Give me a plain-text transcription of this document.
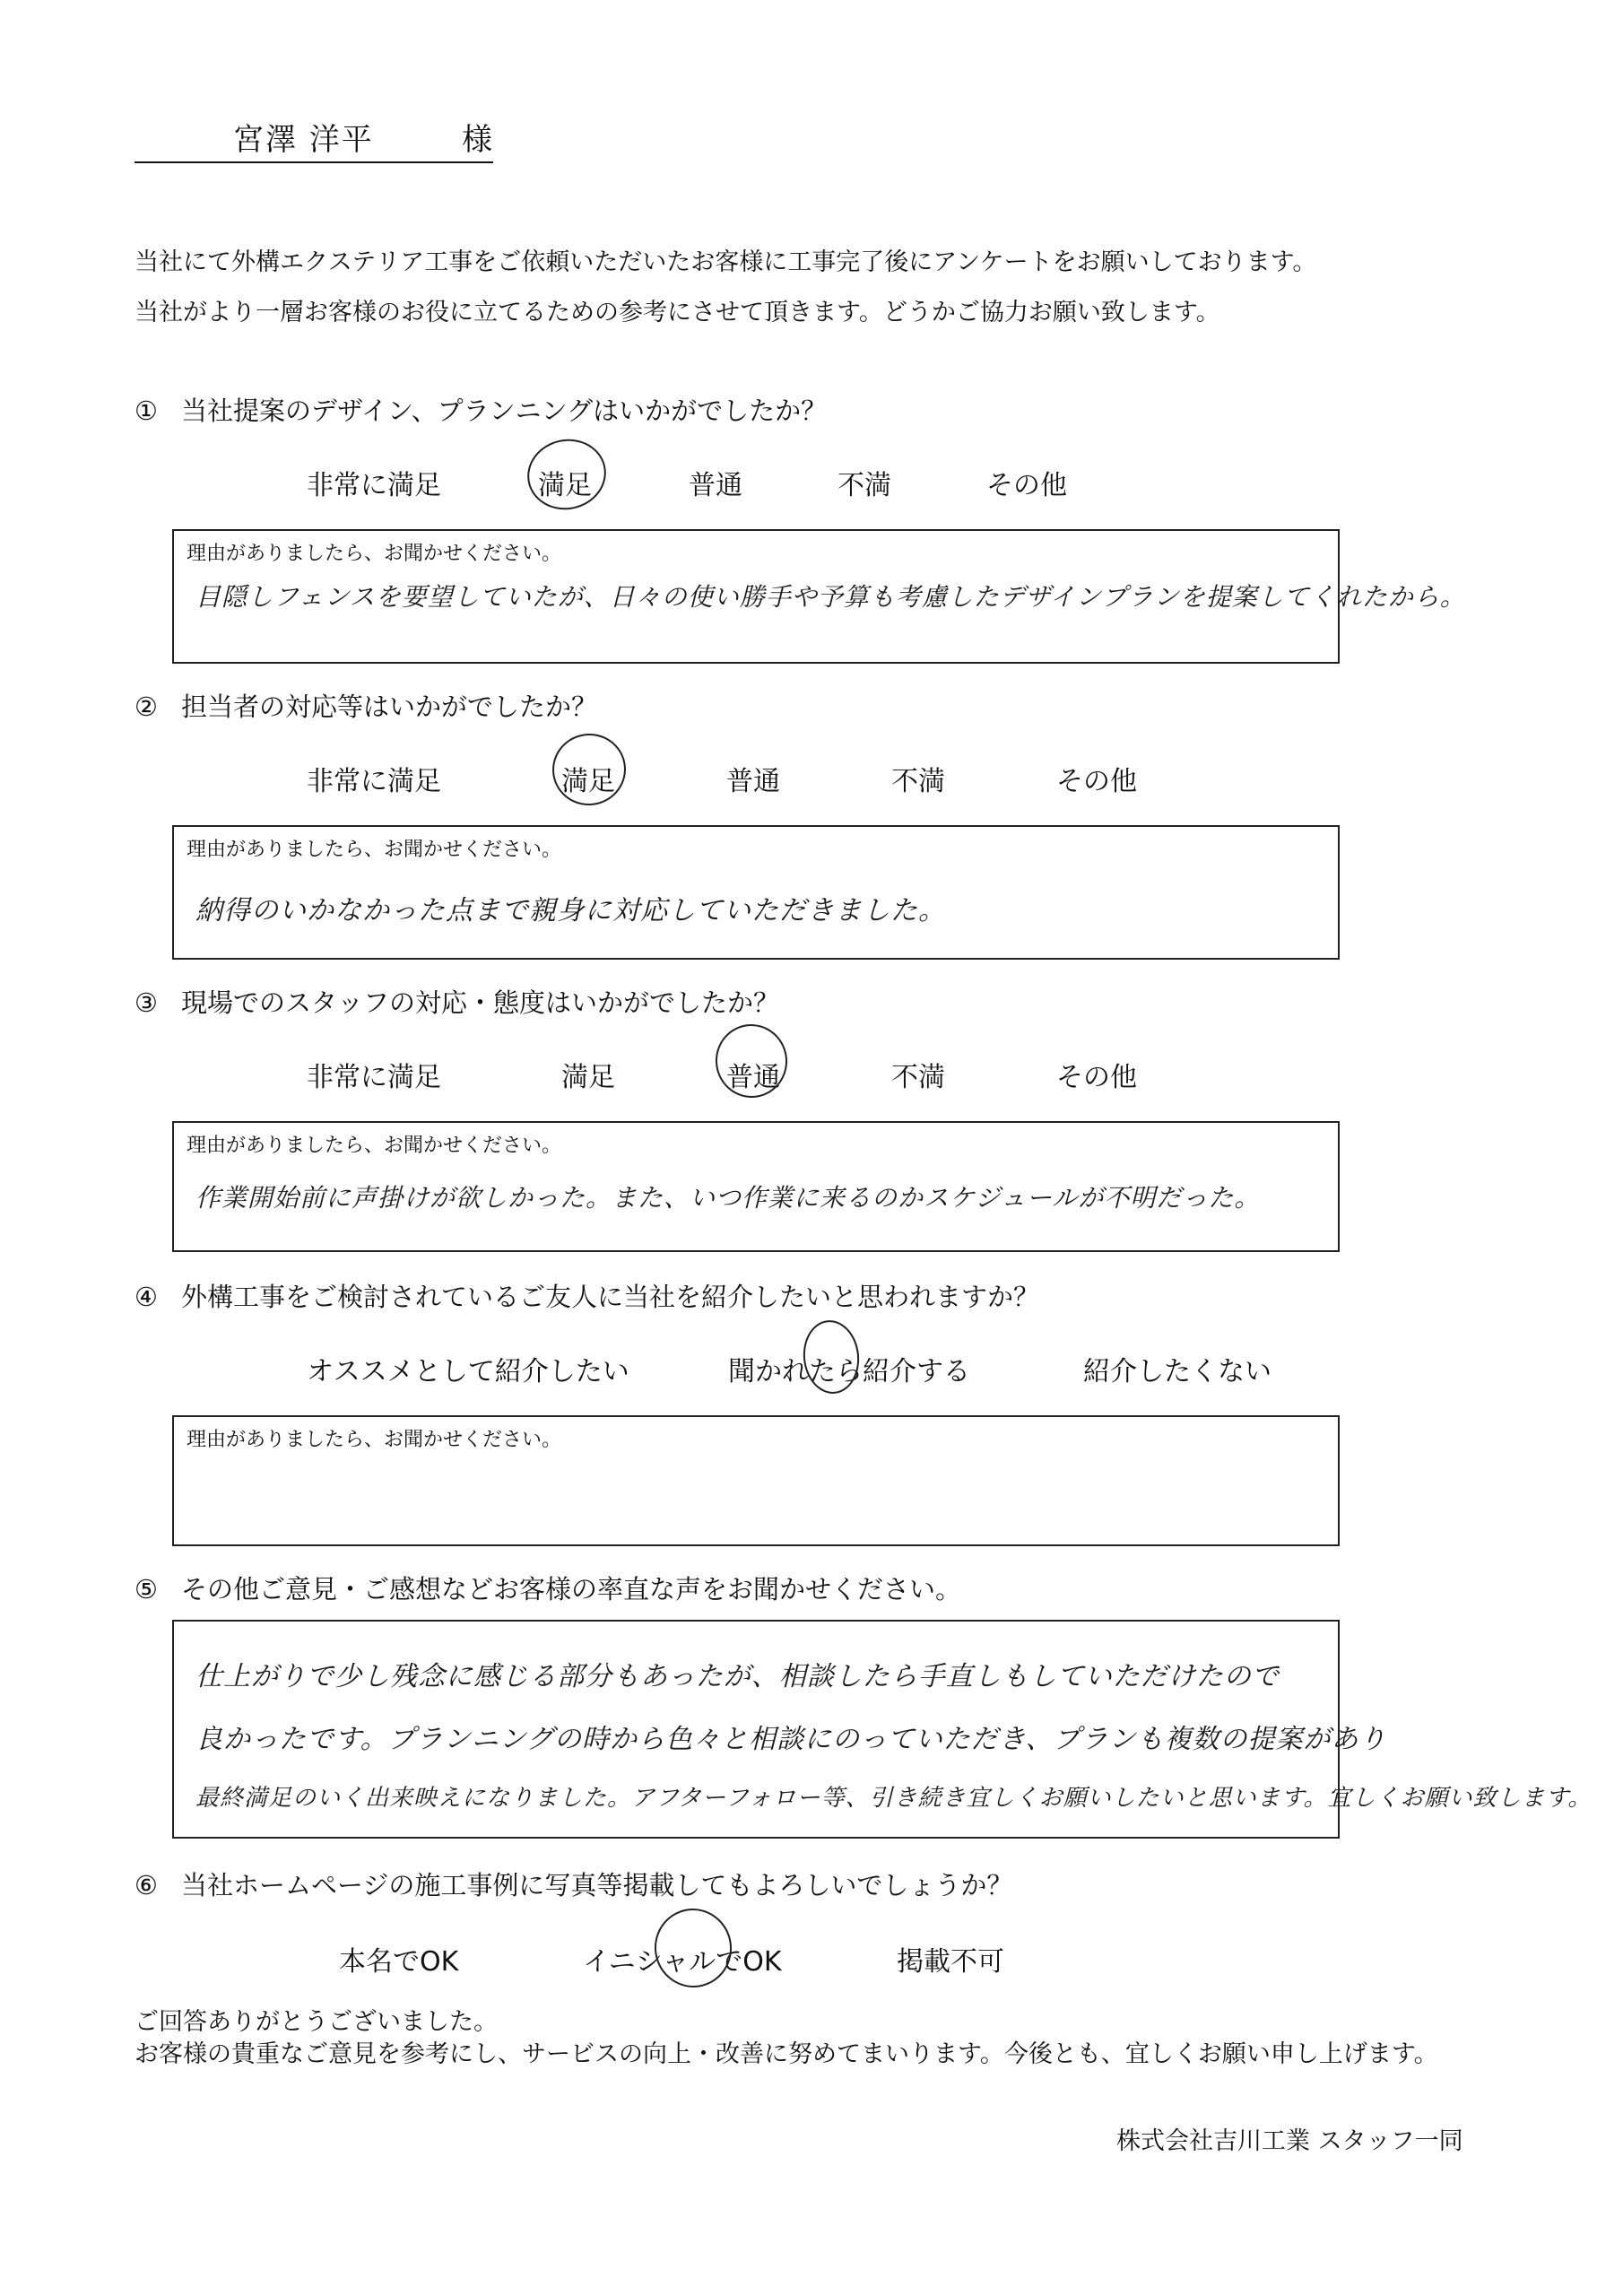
宮澤 洋平	様
当社にて外構エクステリア工事をご依頼いただいたお客様に工事完了後にアンケートをお願いしております。
当社がより一層お客様のお役に立てるための参考にさせて頂きます。どうかご協力お願い致します。
① 当社提案のデザイン、プランニングはいかがでしたか？
非常に満足	満足	普通	不満	その他
理由がありましたら、お聞かせください。
目隠しフェンスを要望していたが、日々の使い勝手や予算も考慮したデザインプランを提案してくれたから。
② 担当者の対応等はいかがでしたか？
非常に満足	満足	普通	不満	その他
理由がありましたら、お聞かせください。
納得のいかなかった点まで親身に対応していただきました。
③ 現場でのスタッフの対応・態度はいかがでしたか？
非常に満足	満足	普通	不満	その他
理由がありましたら、お聞かせください。
作業開始前に声掛けが欲しかった。また、いつ作業に来るのかスケジュールが不明だった。
④ 外構工事をご検討されているご友人に当社を紹介したいと思われますか？
オススメとして紹介したい	聞かれたら紹介する	紹介したくない
理由がありましたら、お聞かせください。
⑤ その他ご意見・ご感想などお客様の率直な声をお聞かせください。
仕上がりで少し残念に感じる部分もあったが、相談したら手直しもしていただけたので
良かったです。プランニングの時から色々と相談にのっていただき、プランも複数の提案があり
最終満足のいく出来映えになりました。アフターフォロー等、引き続き宜しくお願いしたいと思います。宜しくお願い致します。
⑥ 当社ホームページの施工事例に写真等掲載してもよろしいでしょうか？
本名でOK	イニシャルでOK	掲載不可
ご回答ありがとうございました。
お客様の貴重なご意見を参考にし、サービスの向上・改善に努めてまいります。今後とも、宜しくお願い申し上げます。
株式会社吉川工業 スタッフ一同
